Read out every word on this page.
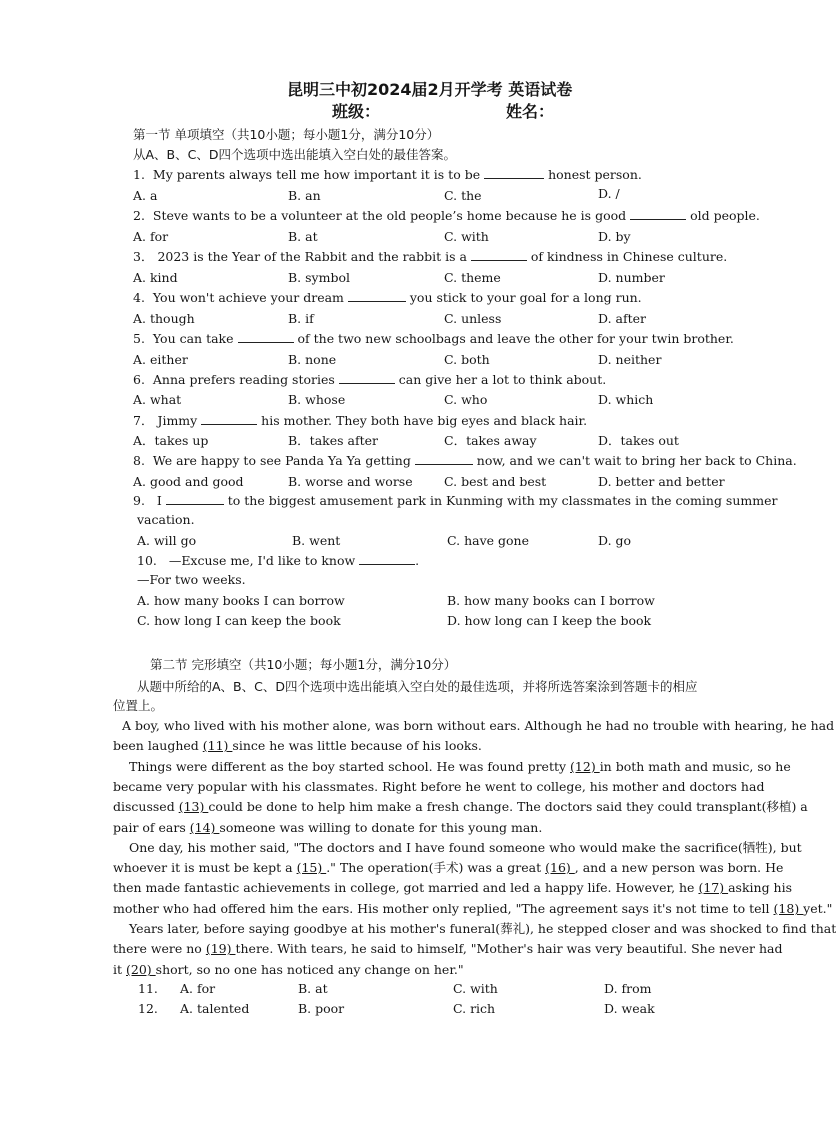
昆明三中初2024届2月开学考 英语试卷
班级：	姓名：
第一节 单项填空（共10小题；每小题1分，满分10分）
从A、B、C、D四个选项中选出能填入空白处的最佳答案。
1. My parents always tell me how important it is to be	honest person.
A. a	B. an	C. the	D. /
2. Steve wants to be a volunteer at the old people’s home because he is good	old people.
A. for	B. at	C. with	D. by
3． 2023 is the Year of the Rabbit and the rabbit is a	of kindness in Chinese culture.
A. kind	B. symbol	C. theme	D. number
4. You won't achieve your dream	you stick to your goal for a long run.
A. though	B. if	C. unless	D. after
5. You can take	of the two new schoolbags and leave the other for your twin brother.
A. either	B. none	C. both	D. neither
6. Anna prefers reading stories	can give her a lot to think about.
A. what	B. whose	C. who	D. which
7． Jimmy	his mother. They both have big eyes and black hair.
A．takes up	B．takes after	C．takes away	D．takes out
8. We are happy to see Panda Ya Ya getting	now, and we can't wait to bring her back to China.
A. good and good	B. worse and worse	C. best and best	D. better and better
9. I	to the biggest amusement park in Kunming with my classmates in the coming summer
vacation.
A. will go	B. went	C. have gone	D. go
10. —Excuse me, I'd like to know	.
—For two weeks.
A. how many books I can borrow	B. how many books can I borrow
C. how long I can keep the book	D. how long can I keep the book
第二节 完形填空（共10小题；每小题1分，满分10分）
从题中所给的A、B、C、D四个选项中选出能填入空白处的最佳选项，并将所选答案涂到答题卡的相应
位置上。
A boy, who lived with his mother alone, was born without ears. Although he had no trouble with hearing, he had
been laughed (11) since he was little because of his looks.
Things were different as the boy started school. He was found pretty (12) in both math and music, so he
became very popular with his classmates. Right before he went to college, his mother and doctors had
discussed (13) could be done to help him make a fresh change. The doctors said they could transplant(移植) a
pair of ears (14) someone was willing to donate for this young man.
One day, his mother said, "The doctors and I have found someone who would make the sacrifice(牺牲), but
whoever it is must be kept a (15) ." The operation(手术) was a great (16) , and a new person was born. He
then made fantastic achievements in college, got married and led a happy life. However, he (17) asking his
mother who had offered him the ears. His mother only replied, "The agreement says it's not time to tell (18) yet."
Years later, before saying goodbye at his mother's funeral(葬礼), he stepped closer and was shocked to find that
there were no (19) there. With tears, he said to himself, "Mother's hair was very beautiful. She never had
it (20) short, so no one has noticed any change on her."
11. A. for	B. at	C. with	D. from
12. A. talented	B. poor	C. rich	D. weak
